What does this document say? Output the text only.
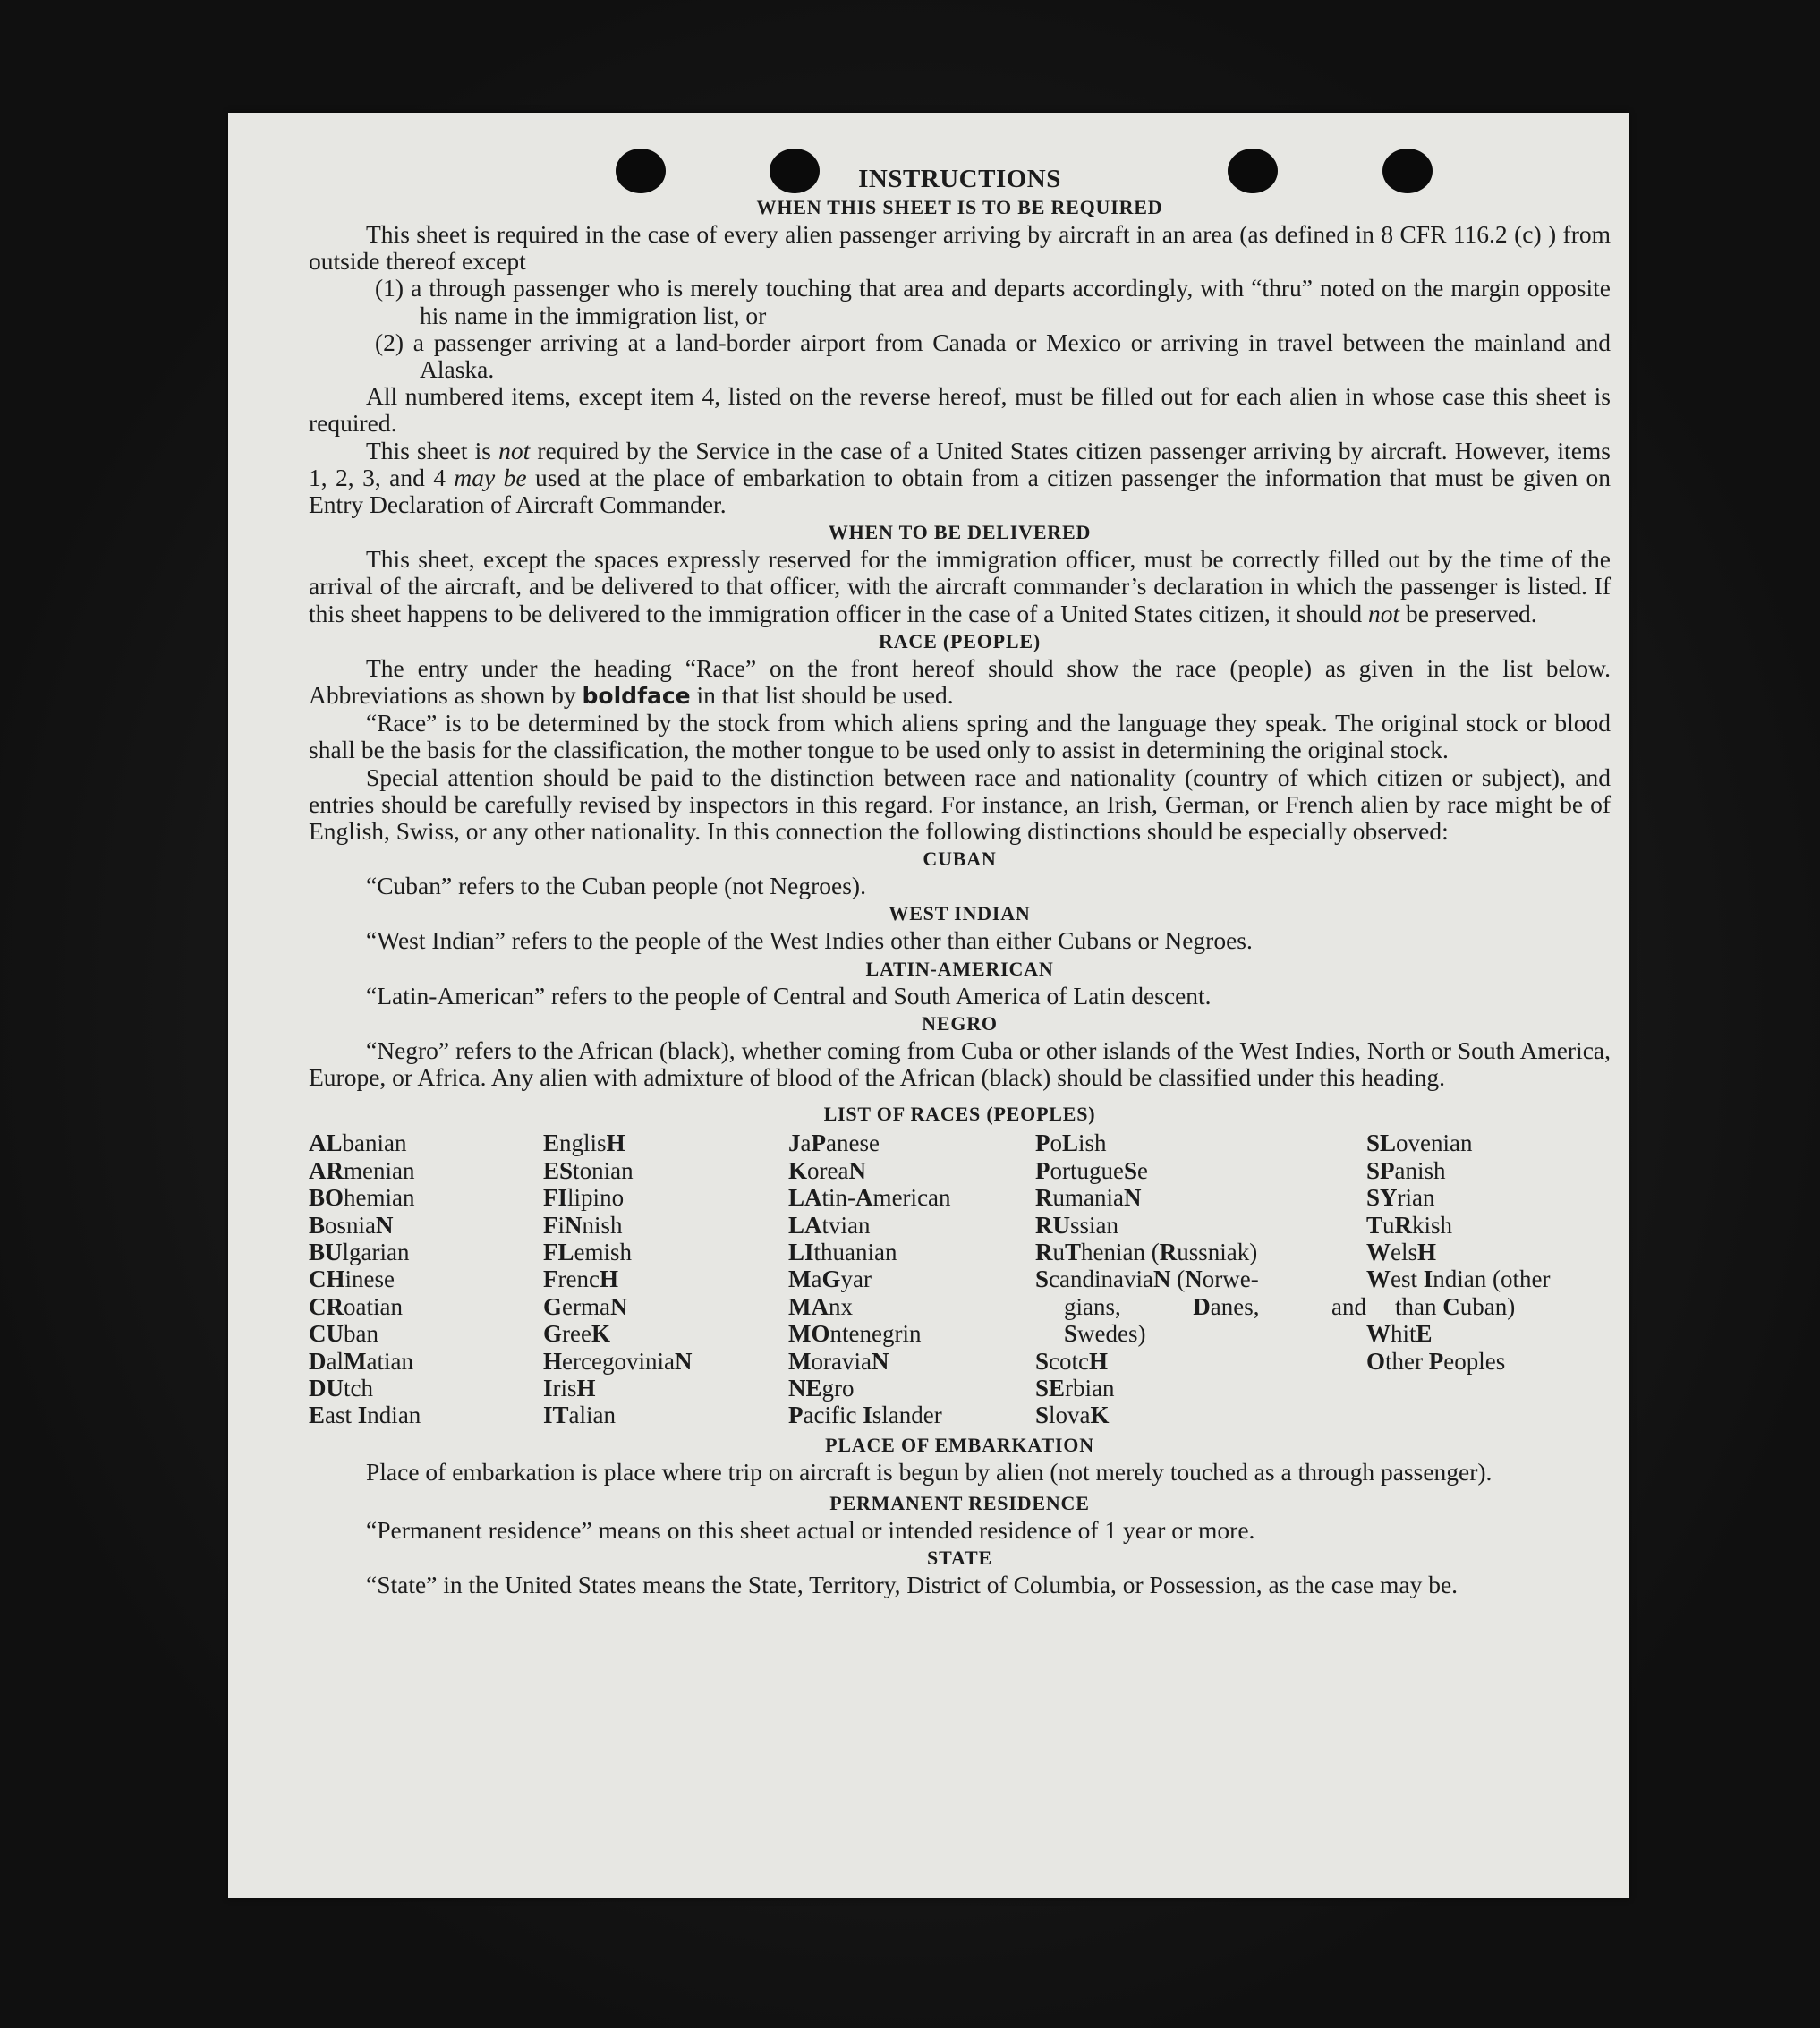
INSTRUCTIONS
WHEN THIS SHEET IS TO BE REQUIRED

This sheet is required in the case of every alien passenger arriving by aircraft in an area (as defined in 8 CFR 116.2 (c) ) from outside thereof except

(1) a through passenger who is merely touching that area and departs accordingly, with “thru” noted on the margin opposite his name in the immigration list, or
(2) a passenger arriving at a land-border airport from Canada or Mexico or arriving in travel between the mainland and Alaska.

All numbered items, except item 4, listed on the reverse hereof, must be filled out for each alien in whose case this sheet is required.

This sheet is not required by the Service in the case of a United States citizen passenger arriving by aircraft. However, items 1, 2, 3, and 4 may be used at the place of embarkation to obtain from a citizen passenger the information that must be given on Entry Declaration of Aircraft Commander.

WHEN TO BE DELIVERED

This sheet, except the spaces expressly reserved for the immigration officer, must be correctly filled out by the time of the arrival of the aircraft, and be delivered to that officer, with the aircraft commander’s declaration in which the passenger is listed. If this sheet happens to be delivered to the immigration officer in the case of a United States citizen, it should not be preserved.

RACE (PEOPLE)

The entry under the heading “Race” on the front hereof should show the race (people) as given in the list below. Abbreviations as shown by boldface in that list should be used.

“Race” is to be determined by the stock from which aliens spring and the language they speak. The original stock or blood shall be the basis for the classification, the mother tongue to be used only to assist in determining the original stock.

Special attention should be paid to the distinction between race and nationality (country of which citizen or subject), and entries should be carefully revised by inspectors in this regard. For instance, an Irish, German, or French alien by race might be of English, Swiss, or any other nationality. In this connection the following distinctions should be especially observed:

CUBAN

“Cuban” refers to the Cuban people (not Negroes).

WEST INDIAN

“West Indian” refers to the people of the West Indies other than either Cubans or Negroes.

LATIN-AMERICAN

“Latin-American” refers to the people of Central and South America of Latin descent.

NEGRO

“Negro” refers to the African (black), whether coming from Cuba or other islands of the West Indies, North or South America, Europe, or Africa. Any alien with admixture of blood of the African (black) should be classified under this heading.

LIST OF RACES (PEOPLES)
ALbanian
ARmenian
BOhemian
BosniaN
BUlgarian
CHinese
CRoatian
CUban
DalMatian
DUtch
East Indian
EnglisH
EStonian
FIlipino
FiNnish
FLemish
FrencH
GermaN
GreeK
HercegoviniaN
IrisH
ITalian
JaPanese
KoreaN
LAtin-American
LAtvian
LIthuanian
MaGyar
MAnx
MOntenegrin
MoraviaN
NEgro
Pacific Islander
PoLish
PortugueSe
RumaniaN
RUssian
RuThenian (Russniak)
ScandinaviaN (Norwe-
gians,	Danes,	and
Swedes)
ScotcH
SErbian
SlovaK
SLovenian
SPanish
SYrian
TuRkish
WelsH
West Indian (other
than Cuban)
WhitE
Other Peoples
PLACE OF EMBARKATION

Place of embarkation is place where trip on aircraft is begun by alien (not merely touched as a through passenger).

PERMANENT RESIDENCE

“Permanent residence” means on this sheet actual or intended residence of 1 year or more.

STATE

“State” in the United States means the State, Territory, District of Columbia, or Possession, as the case may be.
